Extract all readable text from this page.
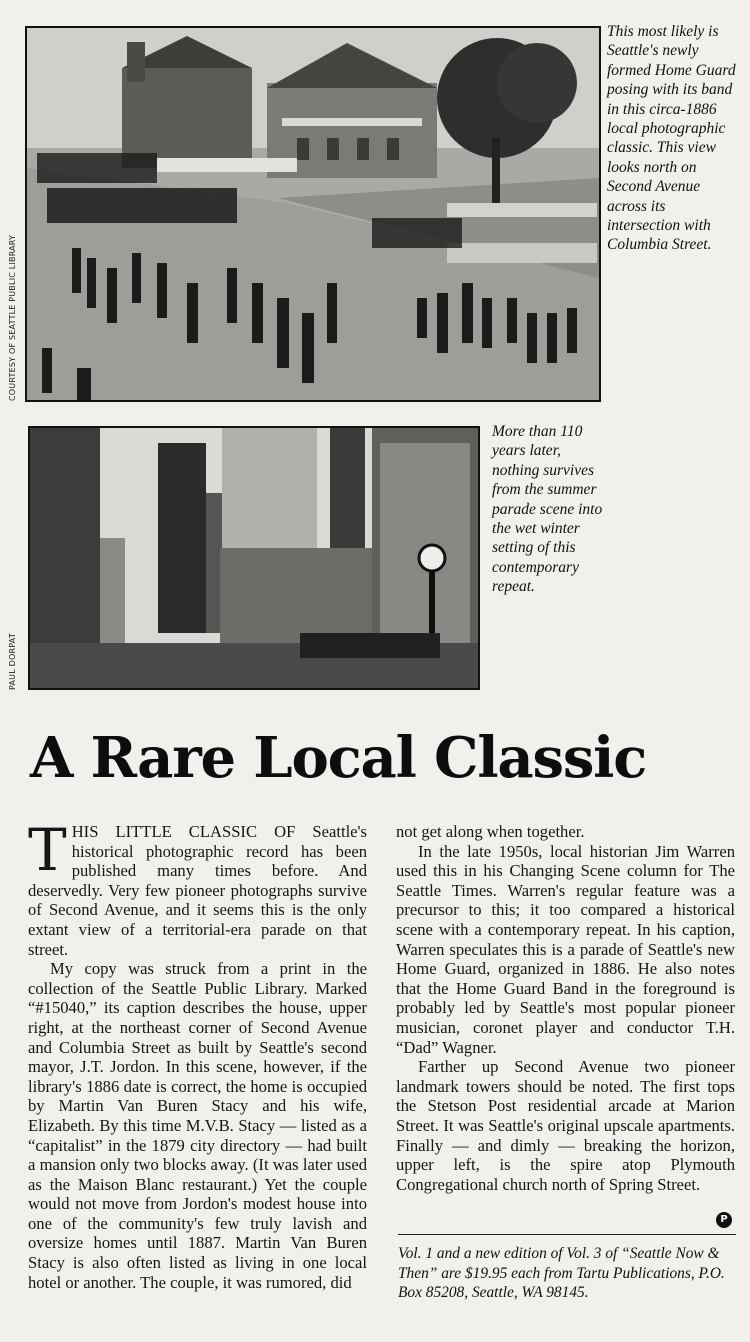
COURTESY OF SEATTLE PUBLIC LIBRARY

This most likely is Seattle's newly formed Home Guard posing with its band in this circa-1886 local photographic classic. This view looks north on Second Avenue across its intersection with Columbia Street.

PAUL DORPAT

More than 110 years later, nothing survives from the summer parade scene into the wet winter setting of this contemporary repeat.

A Rare Local Classic

THIS LITTLE CLASSIC OF Seattle's historical photographic record has been published many times before. And deservedly. Very few pioneer photographs survive of Second Avenue, and it seems this is the only extant view of a territorial-era parade on that street.

My copy was struck from a print in the collection of the Seattle Public Library. Marked “#15040,” its caption describes the house, upper right, at the northeast corner of Second Avenue and Columbia Street as built by Seattle's second mayor, J.T. Jordon. In this scene, however, if the library's 1886 date is correct, the home is occupied by Martin Van Buren Stacy and his wife, Elizabeth. By this time M.V.B. Stacy — listed as a “capitalist” in the 1879 city directory — had built a mansion only two blocks away. (It was later used as the Maison Blanc restaurant.) Yet the couple would not move from Jordon's modest house into one of the community's few truly lavish and oversize homes until 1887. Martin Van Buren Stacy is also often listed as living in one local hotel or another. The couple, it was rumored, did

not get along when together.

In the late 1950s, local historian Jim Warren used this in his Changing Scene column for The Seattle Times. Warren's regular feature was a precursor to this; it too compared a historical scene with a contemporary repeat. In his caption, Warren speculates this is a parade of Seattle's new Home Guard, organized in 1886. He also notes that the Home Guard Band in the foreground is probably led by Seattle's most popular pioneer musician, coronet player and conductor T.H. “Dad” Wagner.

Farther up Second Avenue two pioneer landmark towers should be noted. The first tops the Stetson Post residential arcade at Marion Street. It was Seattle's original upscale apartments. Finally — and dimly — breaking the horizon, upper left, is the spire atop Plymouth Congregational church north of Spring Street.

P

Vol. 1 and a new edition of Vol. 3 of “Seattle Now & Then” are $19.95 each from Tartu Publications, P.O. Box 85208, Seattle, WA 98145.
